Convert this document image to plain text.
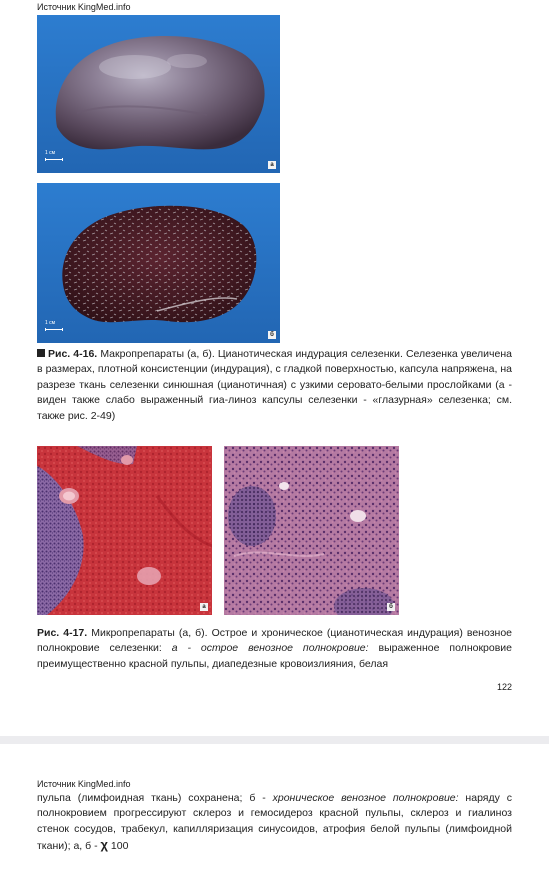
Источник KingMed.info
1 см
а
1 см
б
Рис. 4-16. Макропрепараты (а, б). Цианотическая индурация селезенки. Селезенка увеличена в размерах, плотной консистенции (индурация), с гладкой поверхностью, капсула напряжена, на разрезе ткань селезенки синюшная (цианотичная) с узкими серовато-белыми прослойками (а - виден также слабо выраженный гиа-линоз капсулы селезенки - «глазурная» селезенка; см. также рис. 2-49)
а	б
Рис. 4-17. Микропрепараты (а, б). Острое и хроническое (цианотическая индурация) венозное полнокровие селезенки: а - острое венозное полнокровие: выраженное полнокровие преимущественно красной пульпы, диапедезные кровоизлияния, белая
122
Источник KingMed.info
пульпа (лимфоидная ткань) сохранена; б - хроническое венозное полнокровие: наряду с полнокровием прогрессируют склероз и гемосидероз красной пульпы, склероз и гиалиноз стенок сосудов, трабекул, капилляризация синусоидов, атрофия белой пульпы (лимфоидной ткани); а, б - χ 100
